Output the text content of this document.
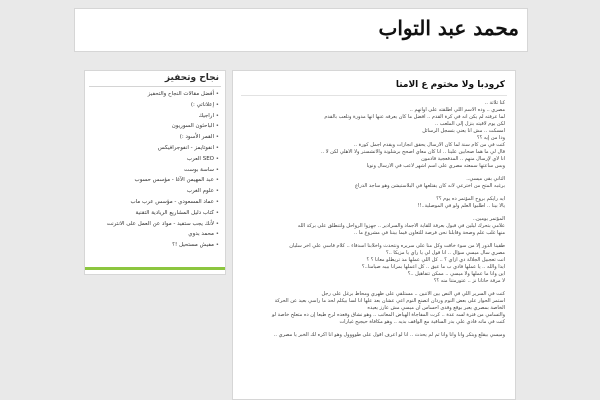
محمد عبد التواب
نجاح وتحفيز
• أفضل مقالات النجاح والتحفيز
• إعلاناتي :)
• اراجيك
• الباحثون السوريون
• القمر الأسود :)
• انفوتايمز - انفوجرافيكس
• SEO العرب
• ساسة بوست
• عبد المهيمن الآغا - مؤسس حسوب
• علوم الغرب
• عماد المسعودي - مؤسس عرب ماب
• كتاب دليل المشاريع الريادية التقنية
• لأنك يجب ستفيد - مواد عن العمل على الانترنت
• محمد بدوي
• مفيش مستحيل !؟
كرودبا ولا مختوم ع الامتا
كنا ثلاثة ..
مصري .. وده الاسم اللي اطلقته على أوانهم ..
لما عرفته لم يكن أنه في كرة القدم .. أفضل ما كان يعرفه عنها أنها مدورة وتلعب بالقدم
لكن يوم لاقيته بنزل إلى الملعب ..
امسكت .. مش أنا يعني بتسجل الرسائل
ودا من إيه ؟؟
كنت في من كام سنة لما كان الارسال يحقق انجازات ويقدم أجمل كورة ..
قال لي ما هما صحابين علينا .. أنا كان معاي أصحح برشلونة والاتشستر ولا الأهلي لكن لأ ..
أنا لأي لإرسال منهم .. المدفعجية قادمون
وبس ساعتها سمعته مصري على اسم اشهر لاعب في الارسال ونويا
الثاني بقى ميسي..
برغبه المتح من اخترعي لأنه كان يقتلعها في البلاستيشن وهو ساجد الدراع
ايه رأيكم بروح المؤتمر ده يوم ؟؟
يالا بينا .. اطلبوا العلم ولو في الموصلية..!!
المؤتمر يومين..
علامي بتحرك ليلين في قبول بعرفة للقاية الاجماد والسرادير .. جهزوا الرواحل ولتنطلق على بركة الله
منها غلب علم وصحة وقابلنا نحن فرصة للتعاون فيما بيننا في مشروع ما ..
طقينا الدور إلا من سوء خافت وكل منا على سريره ونتحدث واخلابنا أسدقاء .. كلام قاسي علي آخر سليان
مصري سأل ميسي سؤال .. أنا قول لي يا راي يا مزيكا ..؟
انت تعجبيل الجلالة دي ازاي ؟ .. كل اللي عملها مد تريطلو معانا ؟ ؟
ايدا والله .. يا عملها فادي ب ما عيق .. كل اعملها بمرانا بيبه صيامنا..؟
اين وانا ما عملها ولا ميسي .. ممكن تتفاهيل ..؟
لا مرقة حاتانا نز .. عتورمتنا منه ؟؟
كنت في السرير اللي في النص بين الاتنين .. مستلقي على ظهري ومحاط برغل على رجل
استمر الحوار على بعض النوم وردان أتصنع النوم أعي عشان بعد علها انا لسا بيكلم لحد ما رأسي بعيد عن الحركة
الخاصة بمصري يعبر بوقع وقدى احساس ان ميسي مش عارز يعيده
والتسامي من فترة لسه عدة .. كرت المفاجأة الهياض المعاتب .. وهو نشاق وقعده لرج طيعا إن ده متعلح خاصة لو
كنت في ماته فادي علي بدر الساقية مع الواقف بديه .. وهو مكافأة حيجيح غيارات
وميسي بيقلع ويتكر وانا وانا وانا ثم لم يحدث .. انا لو أعرف أقول على طوووول وهو انا اكره لك الخبر يا مصري ..
